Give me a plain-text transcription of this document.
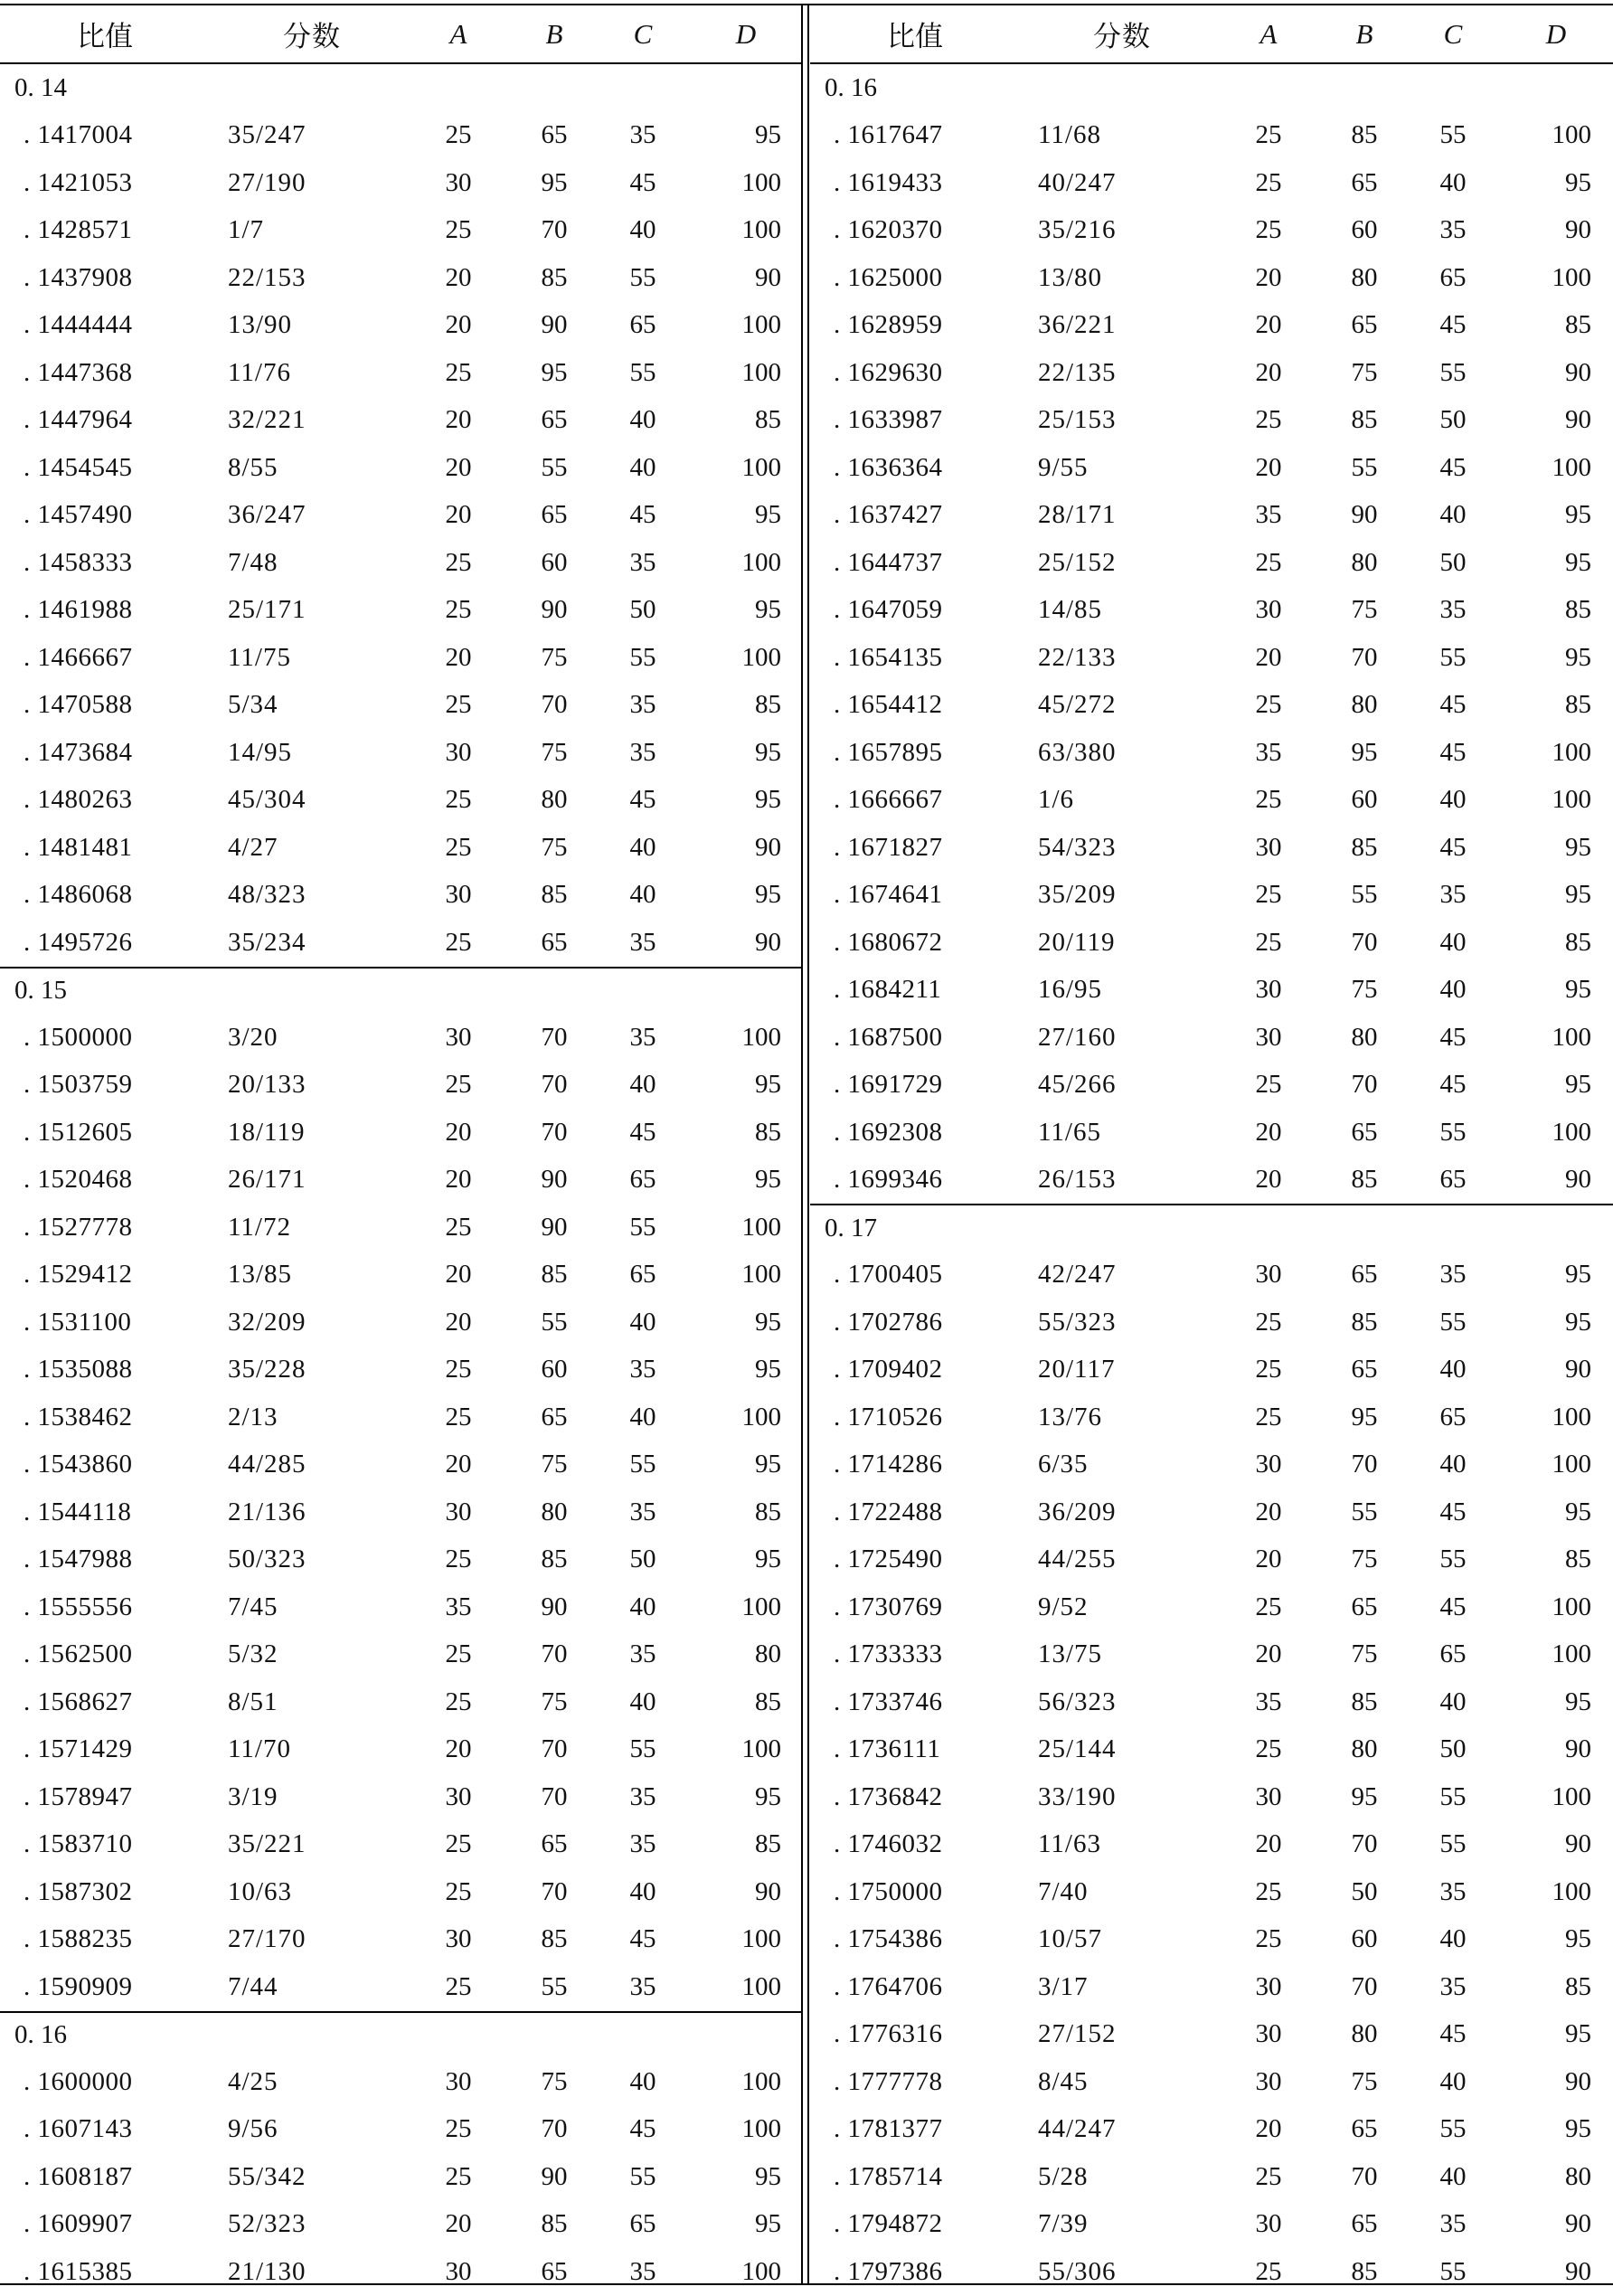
比值	分数	A	B	C	D
0. 14
. 1417004	35/247	25	65	35	95
. 1421053	27/190	30	95	45	100
. 1428571	1/7	25	70	40	100
. 1437908	22/153	20	85	55	90
. 1444444	13/90	20	90	65	100
. 1447368	11/76	25	95	55	100
. 1447964	32/221	20	65	40	85
. 1454545	8/55	20	55	40	100
. 1457490	36/247	20	65	45	95
. 1458333	7/48	25	60	35	100
. 1461988	25/171	25	90	50	95
. 1466667	11/75	20	75	55	100
. 1470588	5/34	25	70	35	85
. 1473684	14/95	30	75	35	95
. 1480263	45/304	25	80	45	95
. 1481481	4/27	25	75	40	90
. 1486068	48/323	30	85	40	95
. 1495726	35/234	25	65	35	90
0. 15
. 1500000	3/20	30	70	35	100
. 1503759	20/133	25	70	40	95
. 1512605	18/119	20	70	45	85
. 1520468	26/171	20	90	65	95
. 1527778	11/72	25	90	55	100
. 1529412	13/85	20	85	65	100
. 1531100	32/209	20	55	40	95
. 1535088	35/228	25	60	35	95
. 1538462	2/13	25	65	40	100
. 1543860	44/285	20	75	55	95
. 1544118	21/136	30	80	35	85
. 1547988	50/323	25	85	50	95
. 1555556	7/45	35	90	40	100
. 1562500	5/32	25	70	35	80
. 1568627	8/51	25	75	40	85
. 1571429	11/70	20	70	55	100
. 1578947	3/19	30	70	35	95
. 1583710	35/221	25	65	35	85
. 1587302	10/63	25	70	40	90
. 1588235	27/170	30	85	45	100
. 1590909	7/44	25	55	35	100
0. 16
. 1600000	4/25	30	75	40	100
. 1607143	9/56	25	70	45	100
. 1608187	55/342	25	90	55	95
. 1609907	52/323	20	85	65	95
. 1615385	21/130	30	65	35	100
比值	分数	A	B	C	D
0. 16
. 1617647	11/68	25	85	55	100
. 1619433	40/247	25	65	40	95
. 1620370	35/216	25	60	35	90
. 1625000	13/80	20	80	65	100
. 1628959	36/221	20	65	45	85
. 1629630	22/135	20	75	55	90
. 1633987	25/153	25	85	50	90
. 1636364	9/55	20	55	45	100
. 1637427	28/171	35	90	40	95
. 1644737	25/152	25	80	50	95
. 1647059	14/85	30	75	35	85
. 1654135	22/133	20	70	55	95
. 1654412	45/272	25	80	45	85
. 1657895	63/380	35	95	45	100
. 1666667	1/6	25	60	40	100
. 1671827	54/323	30	85	45	95
. 1674641	35/209	25	55	35	95
. 1680672	20/119	25	70	40	85
. 1684211	16/95	30	75	40	95
. 1687500	27/160	30	80	45	100
. 1691729	45/266	25	70	45	95
. 1692308	11/65	20	65	55	100
. 1699346	26/153	20	85	65	90
0. 17
. 1700405	42/247	30	65	35	95
. 1702786	55/323	25	85	55	95
. 1709402	20/117	25	65	40	90
. 1710526	13/76	25	95	65	100
. 1714286	6/35	30	70	40	100
. 1722488	36/209	20	55	45	95
. 1725490	44/255	20	75	55	85
. 1730769	9/52	25	65	45	100
. 1733333	13/75	20	75	65	100
. 1733746	56/323	35	85	40	95
. 1736111	25/144	25	80	50	90
. 1736842	33/190	30	95	55	100
. 1746032	11/63	20	70	55	90
. 1750000	7/40	25	50	35	100
. 1754386	10/57	25	60	40	95
. 1764706	3/17	30	70	35	85
. 1776316	27/152	30	80	45	95
. 1777778	8/45	30	75	40	90
. 1781377	44/247	20	65	55	95
. 1785714	5/28	25	70	40	80
. 1794872	7/39	30	65	35	90
. 1797386	55/306	25	85	55	90
